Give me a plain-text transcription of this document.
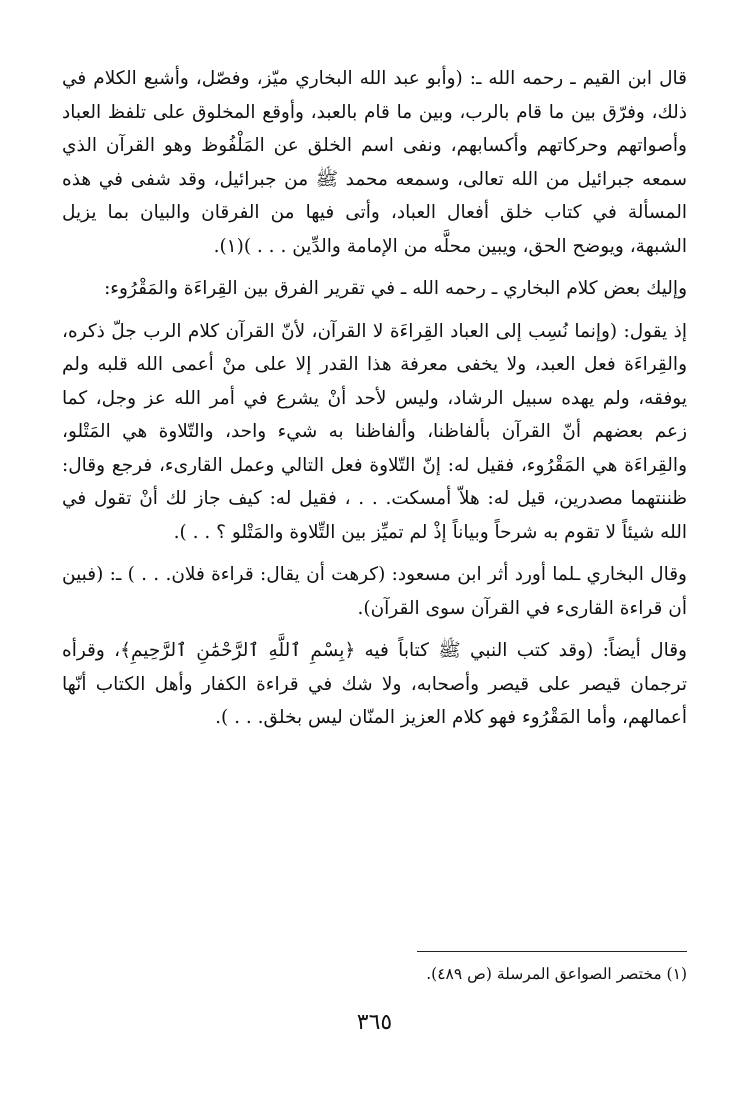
قال ابن القيم ـ رحمه الله ـ: (وأبو عبد الله البخاري ميّز، وفصّل، وأشبع الكلام في ذلك، وفرّق بين ما قام بالرب، وبين ما قام بالعبد، وأوقع المخلوق على تلفظ العباد وأصواتهم وحركاتهم وأكسابهم، ونفى اسم الخلق عن المَلْفُوظ وهو القرآن الذي سمعه جبرائيل من الله تعالى، وسمعه محمد ﷺ من جبرائيل، وقد شفى في هذه المسألة في كتاب خلق أفعال العباد، وأتى فيها من الفرقان والبيان بما يزيل الشبهة، ويوضح الحق، ويبين محلَّه من الإمامة والدِّين . . . )(١).

وإليك بعض كلام البخاري ـ رحمه الله ـ في تقرير الفرق بين القِراءَة والمَقْرُوء:

إذ يقول: (وإنما نُسِب إلى العباد القِراءَة لا القرآن، لأنّ القرآن كلام الرب جلّ ذكره، والقِراءَة فعل العبد، ولا يخفى معرفة هذا القدر إلا على منْ أعمى الله قلبه ولم يوفقه، ولم يهده سبيل الرشاد، وليس لأحد أنْ يشرع في أمر الله عز وجل، كما زعم بعضهم أنّ القرآن بألفاظنا، وألفاظنا به شيء واحد، والتّلاوة هي المَتْلو، والقِراءَة هي المَقْرُوء، فقيل له: إنّ التّلاوة فعل التالي وعمل القارىء، فرجع وقال: ظننتهما مصدرين، قيل له: هلاّ أمسكت. . . ، فقيل له: كيف جاز لك أنْ تقول في الله شيئاً لا تقوم به شرحاً وبياناً إذْ لم تميِّز بين التِّلاوة والمَتْلو ؟ . . ).

وقال البخاري ـلما أورد أثر ابن مسعود: (كرهت أن يقال: قراءة فلان. . . ) ـ: (فبين أن قراءة القارىء في القرآن سوى القرآن).

وقال أيضاً: (وقد كتب النبي ﷺ كتاباً فيه ﴿بِسْمِ ٱللَّهِ ٱلرَّحْمَٰنِ ٱلرَّحِيمِ﴾، وقرأه ترجمان قيصر على قيصر وأصحابه، ولا شك في قراءة الكفار وأهل الكتاب أنّها أعمالهم، وأما المَقْرُوء فهو كلام العزيز المنّان ليس بخلق. . . ).

(١) مختصر الصواعق المرسلة (ص ٤٨٩).
٣٦٥
